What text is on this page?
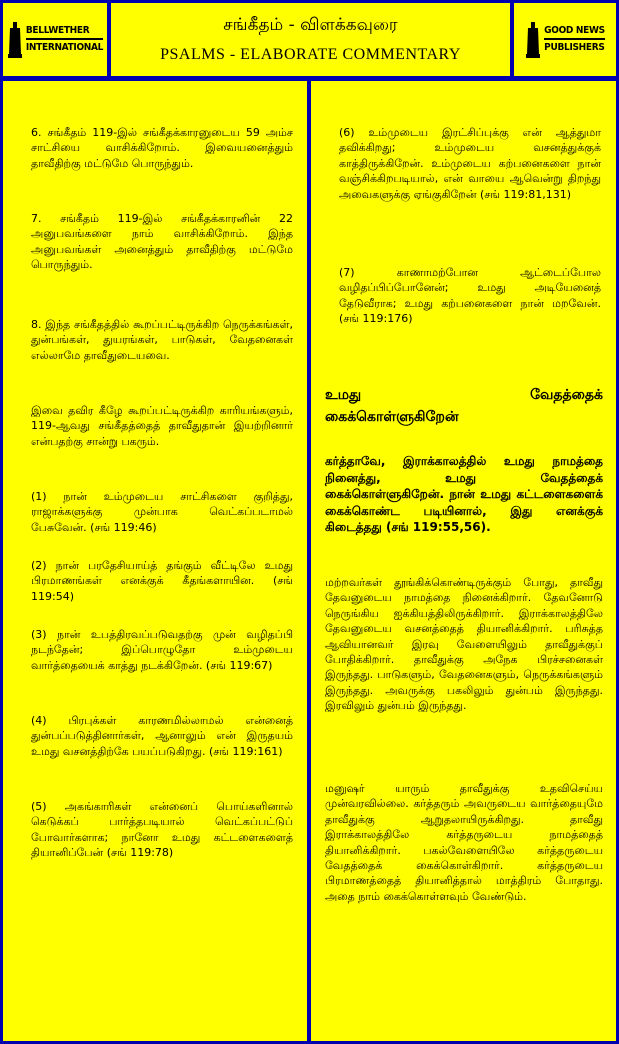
BELLWETHER
INTERNATIONAL
சங்கீதம் - விளக்கவுரை
PSALMS - ELABORATE COMMENTARY
GOOD NEWS
PUBLISHERS
6. சங்கீதம் 119-இல் சங்கீதக்காரனுடைய 59 அம்ச சாட்சியை வாசிக்கிறோம். இவையனைத்தும் தாவீதிற்கு மட்டுமே பொருந்தும்.
7. சங்கீதம் 119-இல் சங்கீதக்காரனின் 22 அனுபவங்களை நாம் வாசிக்கிறோம். இந்த அனுபவங்கள் அனைத்தும் தாவீதிற்கு மட்டுமே பொருந்தும்.
8. இந்த சங்கீதத்தில் கூறப்பட்டிருக்கிற நெருக்கங்கள், துன்பங்கள், துயரங்கள், பாடுகள், வேதனைகள் எல்லாமே தாவீதுடையவை.
இவை தவிர கீழே கூறப்பட்டிருக்கிற காரியங்களும், 119-ஆவது சங்கீதத்தைத் தாவீதுதான் இயற்றினார் என்பதற்கு சான்று பகரும்.
(1) நான் உம்முடைய சாட்சிகளை குறித்து, ராஜாக்களுக்கு முன்பாக வெட்கப்படாமல் பேசுவேன். (சங் 119:46)
(2) நான் பரதேசியாய்த் தங்கும் வீட்டிலே உமது பிரமாணங்கள் எனக்குக் கீதங்களாயின. (சங் 119:54)
(3) நான் உபத்திரவப்படுவதற்கு முன் வழிதப்பி நடந்தேன்; இப்பொழுதோ உம்முடைய வார்த்தையைக் காத்து நடக்கிறேன். (சங் 119:67)
(4) பிரபுக்கள் காரணமில்லாமல் என்னைத் துன்பப்படுத்தினார்கள், ஆனாலும் என் இருதயம் உமது வசனத்திற்கே பயப்படுகிறது. (சங் 119:161)
(5) அகங்காரிகள் என்னைப் பொய்களினால் கெடுக்கப் பார்த்தபடியால் வெட்கப்பட்டுப் போவார்களாக; நானோ உமது கட்டளைகளைத் தியானிப்பேன் (சங் 119:78)
(6) உம்முடைய இரட்சிப்புக்கு என் ஆத்துமா தவிக்கிறது; உம்முடைய வசனத்துக்குக் காத்திருக்கிறேன். உம்முடைய கற்பனைகளை நான் வஞ்சிக்கிறபடியால், என் வாயை ஆவென்று திறந்து அவைகளுக்கு ஏங்குகிறேன் (சங் 119:81,131)
(7) காணாமற்போன ஆட்டைப்போல வழிதப்பிப்போனேன்; உமது அடியேனைத் தேடுவீராக; உமது கற்பனைகளை நான் மறவேன். (சங் 119:176)
உமது	வேதத்தைக்
கைக்கொள்ளுகிறேன்
கர்த்தாவே, இராக்காலத்தில் உமது நாமத்தை நினைத்து, உமது வேதத்தைக் கைக்கொள்ளுகிறேன். நான் உமது கட்டளைகளைக் கைக்கொண்ட படியினால், இது எனக்குக் கிடைத்தது (சங் 119:55,56).
மற்றவர்கள் தூங்கிக்கொண்டிருக்கும் போது, தாவீது தேவனுடைய நாமத்தை நினைக்கிறார். தேவனோடு நெருங்கிய ஐக்கியத்திலிருக்கிறார். இராக்காலத்திலே தேவனுடைய வசனத்தைத் தியானிக்கிறார். பரிசுத்த ஆவியானவர் இரவு வேளையிலும் தாவீதுக்குப் போதிக்கிறார். தாவீதுக்கு அநேக பிரச்சனைகள் இருந்தது. பாடுகளும், வேதனைகளும், நெருக்கங்களும் இருந்தது. அவருக்கு பகலிலும் துன்பம் இருந்தது. இரவிலும் துன்பம் இருந்தது.
மனுஷர் யாரும் தாவீதுக்கு உதவிசெய்ய முன்வரவில்லை. கர்த்தரும் அவருடைய வார்த்தையுமே தாவீதுக்கு ஆறுதலாயிருக்கிறது. தாவீது இராக்காலத்திலே கர்த்தருடைய நாமத்தைத் தியானிக்கிறார். பகல்வேளையிலே கர்த்தருடைய வேதத்தைக் கைக்கொள்கிறார். கர்த்தருடைய பிரமாணத்தைத் தியானித்தால் மாத்திரம் போதாது. அதை நாம் கைக்கொள்ளவும் வேண்டும்.
